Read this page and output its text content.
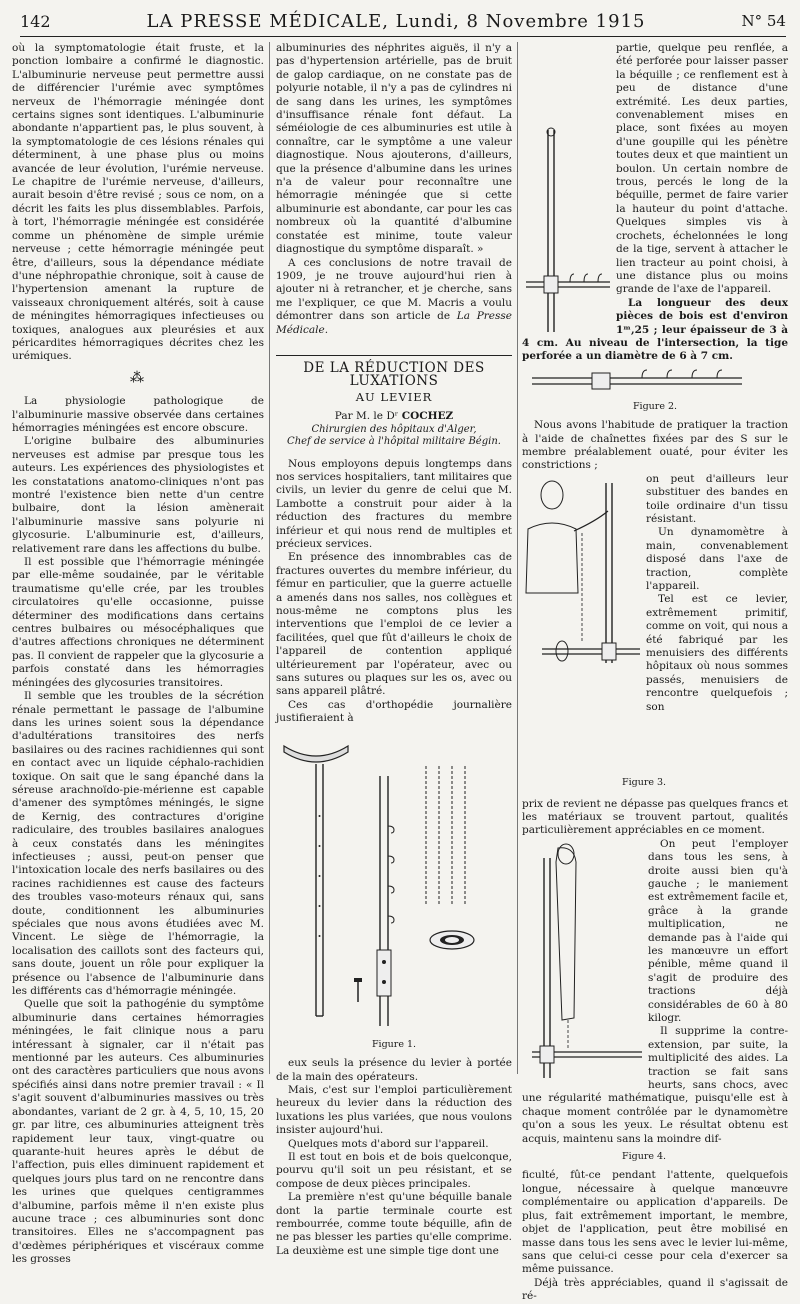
142	LA PRESSE MÉDICALE, Lundi, 8 Novembre 1915	N° 54

où la symptomatologie était fruste, et la ponction lombaire a confirmé le diagnostic. L'albuminurie nerveuse peut permettre aussi de différencier l'urémie avec symptômes nerveux de l'hémorragie méningée dont certains signes sont identiques. L'albuminurie abondante n'appartient pas, le plus souvent, à la symptomatologie de ces lésions rénales qui déterminent, à une phase plus ou moins avancée de leur évolution, l'urémie nerveuse. Le chapitre de l'urémie nerveuse, d'ailleurs, aurait besoin d'être revisé ; sous ce nom, on a décrit les faits les plus dissemblables. Parfois, à tort, l'hémorragie méningée est considérée comme un phénomène de simple urémie nerveuse ; cette hémorragie méningée peut être, d'ailleurs, sous la dépendance médiate d'une néphropathie chronique, soit à cause de l'hypertension amenant la rupture de vaisseaux chroniquement altérés, soit à cause de méningites hémorragiques infectieuses ou toxiques, analogues aux pleurésies et aux péricardites hémorragiques décrites chez les urémiques.

⁂

La physiologie pathologique de l'albuminurie massive observée dans certaines hémorragies méningées est encore obscure.

L'origine bulbaire des albuminuries nerveuses est admise par presque tous les auteurs. Les expériences des physiologistes et les constatations anatomo-cliniques n'ont pas montré l'existence bien nette d'un centre bulbaire, dont la lésion amènerait l'albuminurie massive sans polyurie ni glycosurie. L'albuminurie est, d'ailleurs, relativement rare dans les affections du bulbe.

Il est possible que l'hémorragie méningée par elle-même soudainée, par le véritable traumatisme qu'elle crée, par les troubles circulatoires qu'elle occasionne, puisse déterminer des modifications dans certains centres bulbaires ou mésocéphaliques que d'autres affections chroniques ne déterminent pas. Il convient de rappeler que la glycosurie a parfois constaté dans les hémorragies méningées des glycosuries transitoires.

Il semble que les troubles de la sécrétion rénale permettant le passage de l'albumine dans les urines soient sous la dépendance d'adultérations transitoires des nerfs basilaires ou des racines rachidiennes qui sont en contact avec un liquide céphalo-rachidien toxique. On sait que le sang épanché dans la séreuse arachnoïdo-pie-mérienne est capable d'amener des symptômes méningés, le signe de Kernig, des contractures d'origine radiculaire, des troubles basilaires analogues à ceux constatés dans les méningites infectieuses ; aussi, peut-on penser que l'intoxication locale des nerfs basilaires ou des racines rachidiennes est cause des facteurs des troubles vaso-moteurs rénaux qui, sans doute, conditionnent les albuminuries spéciales que nous avons étudiées avec M. Vincent. Le siège de l'hémorragie, la localisation des caillots sont des facteurs qui, sans doute, jouent un rôle pour expliquer la présence ou l'absence de l'albuminurie dans les différents cas d'hémorragie méningée.

Quelle que soit la pathogénie du symptôme albuminurie dans certaines hémorragies méningées, le fait clinique nous a paru intéressant à signaler, car il n'était pas mentionné par les auteurs. Ces albuminuries ont des caractères particuliers que nous avons spécifiés ainsi dans notre premier travail : « Il s'agit souvent d'albuminuries massives ou très abondantes, variant de 2 gr. à 4, 5, 10, 15, 20 gr. par litre, ces albuminuries atteignent très rapidement leur taux, vingt-quatre ou quarante-huit heures après le début de l'affection, puis elles diminuent rapidement et quelques jours plus tard on ne rencontre dans les urines que quelques centigrammes d'albumine, parfois même il n'en existe plus aucune trace ; ces albuminuries sont donc transitoires. Elles ne s'accompagnent pas d'œdèmes périphériques et viscéraux comme les grosses

albuminuries des néphrites aiguës, il n'y a pas d'hypertension artérielle, pas de bruit de galop cardiaque, on ne constate pas de polyurie notable, il n'y a pas de cylindres ni de sang dans les urines, les symptômes d'insuffisance rénale font défaut. La séméiologie de ces albuminuries est utile à connaître, car le symptôme a une valeur diagnostique. Nous ajouterons, d'ailleurs, que la présence d'albumine dans les urines n'a de valeur pour reconnaître une hémorragie méningée que si cette albuminurie est abondante, car pour les cas nombreux où la quantité d'albumine constatée est minime, toute valeur diagnostique du symptôme disparaît. »

A ces conclusions de notre travail de 1909, je ne trouve aujourd'hui rien à ajouter ni à retrancher, et je cherche, sans me l'expliquer, ce que M. Macris a voulu démontrer dans son article de La Presse Médicale.

DE LA RÉDUCTION DES LUXATIONS
AU LEVIER
Par M. le Dʳ COCHEZ
Chirurgien des hôpitaux d'Alger,
Chef de service à l'hôpital militaire Bégin.

Nous employons depuis longtemps dans nos services hospitaliers, tant militaires que civils, un levier du genre de celui que M. Lambotte a construit pour aider à la réduction des fractures du membre inférieur et qui nous rend de multiples et précieux services.

En présence des innombrables cas de fractures ouvertes du membre inférieur, du fémur en particulier, que la guerre actuelle a amenés dans nos salles, nos collègues et nous-même ne comptons plus les interventions que l'emploi de ce levier a facilitées, quel que fût d'ailleurs le choix de l'appareil de contention appliqué ultérieurement par l'opérateur, avec ou sans sutures ou plaques sur les os, avec ou sans appareil plâtré.

Ces cas d'orthopédie journalière justifieraient à

Figure 1.

eux seuls la présence du levier à portée de la main des opérateurs.

Mais, c'est sur l'emploi particulièrement heureux du levier dans la réduction des luxations les plus variées, que nous voulons insister aujourd'hui.

Quelques mots d'abord sur l'appareil.

Il est tout en bois et de bois quelconque, pourvu qu'il soit un peu résistant, et se compose de deux pièces principales.

La première n'est qu'une béquille banale dont la partie terminale courte est rembourrée, comme toute béquille, afin de ne pas blesser les parties qu'elle comprime. La deuxième est une simple tige dont une

partie, quelque peu renflée, a été perforée pour laisser passer la béquille ; ce renflement est à peu de distance d'une extrémité. Les deux parties, convenablement mises en place, sont fixées au moyen d'une goupille qui les pénètre toutes deux et que maintient un boulon. Un certain nombre de trous, percés le long de la béquille, permet de faire varier la hauteur du point d'attache. Quelques simples vis à crochets, échelonnées le long de la tige, servent à attacher le lien tracteur au point choisi, à une distance plus ou moins grande de l'axe de l'appareil.

La longueur des deux pièces de bois est d'environ 1ᵐ,25 ; leur épaisseur de 3 à 4 cm. Au niveau de l'intersection, la tige perforée a un diamètre de 6 à 7 cm.

Figure 2.

Nous avons l'habitude de pratiquer la traction à l'aide de chaînettes fixées par des S sur le membre préalablement ouaté, pour éviter les constrictions ;

on peut d'ailleurs leur substituer des bandes en toile ordinaire d'un tissu résistant.

Un dynamomètre à main, convenablement disposé dans l'axe de traction, complète l'appareil.

Tel est ce levier, extrêmement primitif, comme on voit, qui nous a été fabriqué par les menuisiers des différents hôpitaux où nous sommes passés, menuisiers de rencontre quelquefois ; son

Figure 3.

prix de revient ne dépasse pas quelques francs et les matériaux se trouvent partout, qualités particulièrement appréciables en ce moment.

On peut l'employer dans tous les sens, à droite aussi bien qu'à gauche ; le maniement est extrêmement facile et, grâce à la grande multiplication, ne demande pas à l'aide qui les manœuvre un effort pénible, même quand il s'agit de produire des tractions déjà considérables de 60 à 80 kilogr.

Il supprime la contre-extension, par suite, la multiplicité des aides. La traction se fait sans heurts, sans chocs, avec une régularité mathématique, puisqu'elle est à chaque moment contrôlée par le dynamomètre qu'on a sous les yeux. Le résultat obtenu est acquis, maintenu sans la moindre dif-

Figure 4.

ficulté, fût-ce pendant l'attente, quelquefois longue, nécessaire à quelque manœuvre complémentaire ou application d'appareils. De plus, fait extrêmement important, le membre, objet de l'application, peut être mobilisé en masse dans tous les sens avec le levier lui-même, sans que celui-ci cesse pour cela d'exercer sa même puissance.

Déjà très appréciables, quand il s'agissait de ré-
